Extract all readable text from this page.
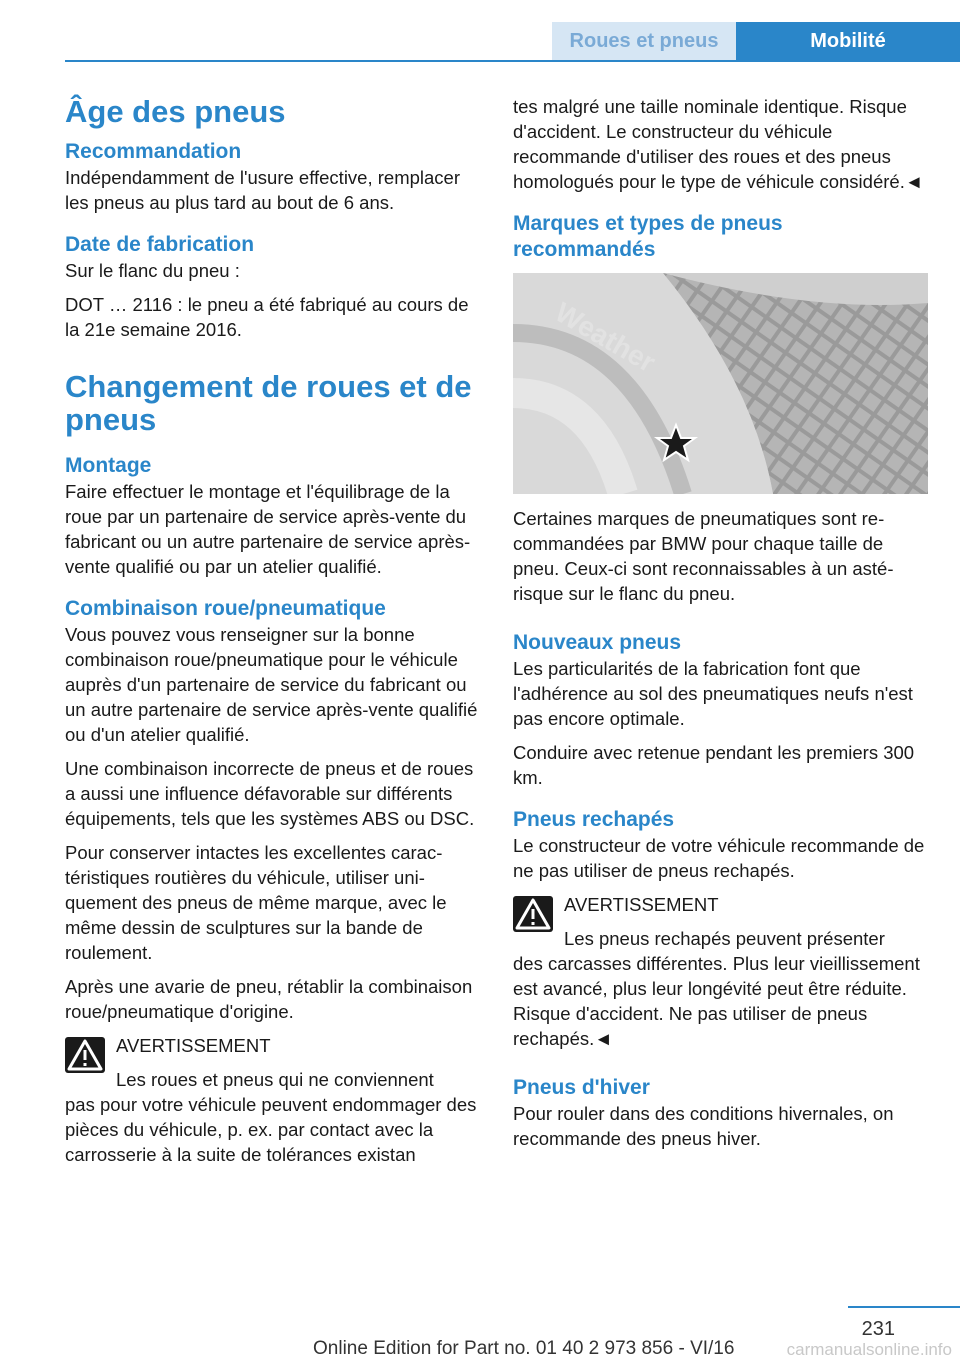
Roues et pneus	Mobilité
Âge des pneus
Recommandation

Indépendamment de l'usure effective, remplacer les pneus au plus tard au bout de 6 ans.

Date de fabrication

Sur le flanc du pneu :

DOT … 2116 : le pneu a été fabriqué au cours de la 21e semaine 2016.

Changement de roues et de pneus
Montage

Faire effectuer le montage et l'équilibrage de la roue par un partenaire de service après-vente du fabricant ou un autre partenaire de service après-vente qualifié ou par un atelier qualifié.

Combinaison roue/pneumatique

Vous pouvez vous renseigner sur la bonne combinaison roue/pneumatique pour le véhicule auprès d'un partenaire de service du fabricant ou un autre partenaire de service après-vente qualifié ou d'un atelier qualifié.

Une combinaison incorrecte de pneus et de roues a aussi une influence défavorable sur différents équipements, tels que les systèmes ABS ou DSC.

Pour conserver intactes les excellentes caractéristiques routières du véhicule, utiliser uniquement des pneus de même marque, avec le même dessin de sculptures sur la bande de roulement.

Après une avarie de pneu, rétablir la combinaison roue/pneumatique d'origine.

AVERTISSEMENT

Les roues et pneus qui ne conviennent

pas pour votre véhicule peuvent endommager des pièces du véhicule, p. ex. par contact avec la carrosserie à la suite de tolérances existan

tes malgré une taille nominale identique. Risque d'accident. Le constructeur du véhicule recommande d'utiliser des roues et des pneus homologués pour le type de véhicule considéré.◄

Marques et types de pneus recommandés
Weather

Certaines marques de pneumatiques sont recommandées par BMW pour chaque taille de pneu. Ceux-ci sont reconnaissables à un astérisque sur le flanc du pneu.

Nouveaux pneus

Les particularités de la fabrication font que l'adhérence au sol des pneumatiques neufs n'est pas encore optimale.

Conduire avec retenue pendant les premiers 300 km.

Pneus rechapés

Le constructeur de votre véhicule recommande de ne pas utiliser de pneus rechapés.

AVERTISSEMENT

Les pneus rechapés peuvent présenter

des carcasses différentes. Plus leur vieillissement est avancé, plus leur longévité peut être réduite. Risque d'accident. Ne pas utiliser de pneus rechapés.◄

Pneus d'hiver

Pour rouler dans des conditions hivernales, on recommande des pneus hiver.

231
Online Edition for Part no. 01 40 2 973 856 - VI/16	carmanualsonline.info
